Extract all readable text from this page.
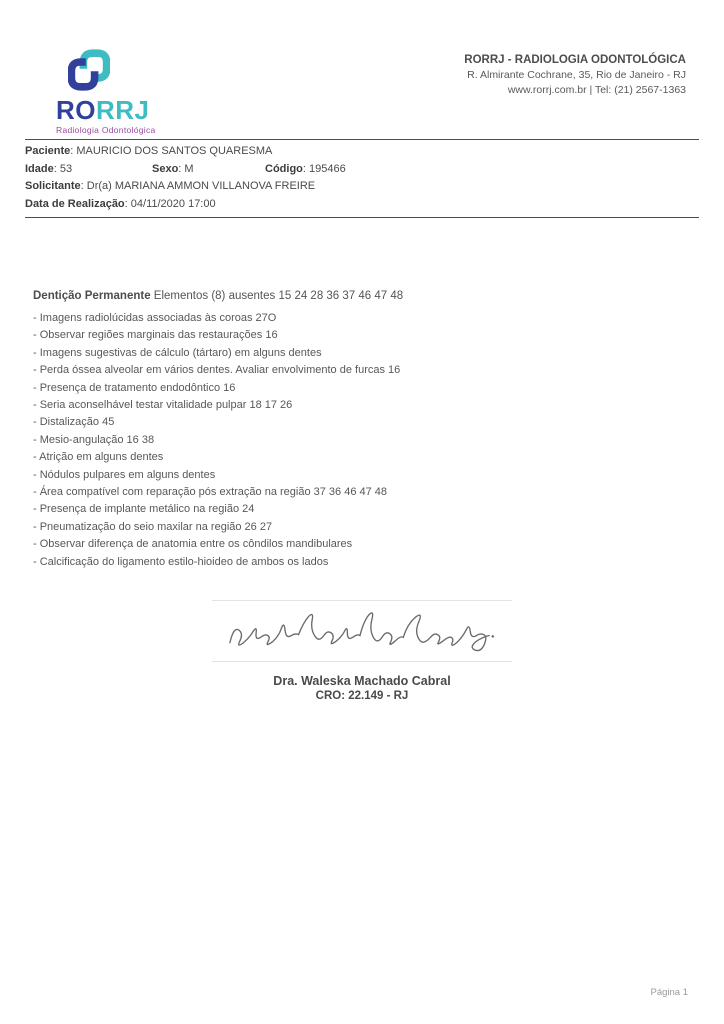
RORRJ
Radiologia Odontológica
RORRJ - RADIOLOGIA ODONTOLÓGICA
R. Almirante Cochrane, 35, Rio de Janeiro - RJ
www.rorrj.com.br | Tel: (21) 2567-1363
Paciente: MAURICIO DOS SANTOS QUARESMA
Idade: 53	Sexo: M	Código: 195466
Solicitante: Dr(a) MARIANA AMMON VILLANOVA FREIRE
Data de Realização: 04/11/2020 17:00
Dentição Permanente Elementos (8) ausentes 15 24 28 36 37 46 47 48
- Imagens radiolúcidas associadas às coroas 27O
- Observar regiões marginais das restaurações 16
- Imagens sugestivas de cálculo (tártaro) em alguns dentes
- Perda óssea alveolar em vários dentes. Avaliar envolvimento de furcas 16
- Presença de tratamento endodôntico 16
- Seria aconselhável testar vitalidade pulpar 18 17 26
- Distalização 45
- Mesio-angulação 16 38
- Atrição em alguns dentes
- Nódulos pulpares em alguns dentes
- Área compatível com reparação pós extração na região 37 36 46 47 48
- Presença de implante metálico na região 24
- Pneumatização do seio maxilar na região 26 27
- Observar diferença de anatomia entre os côndilos mandibulares
- Calcificação do ligamento estilo-hioideo de ambos os lados
Dra. Waleska Machado Cabral
CRO: 22.149 - RJ
Página 1
